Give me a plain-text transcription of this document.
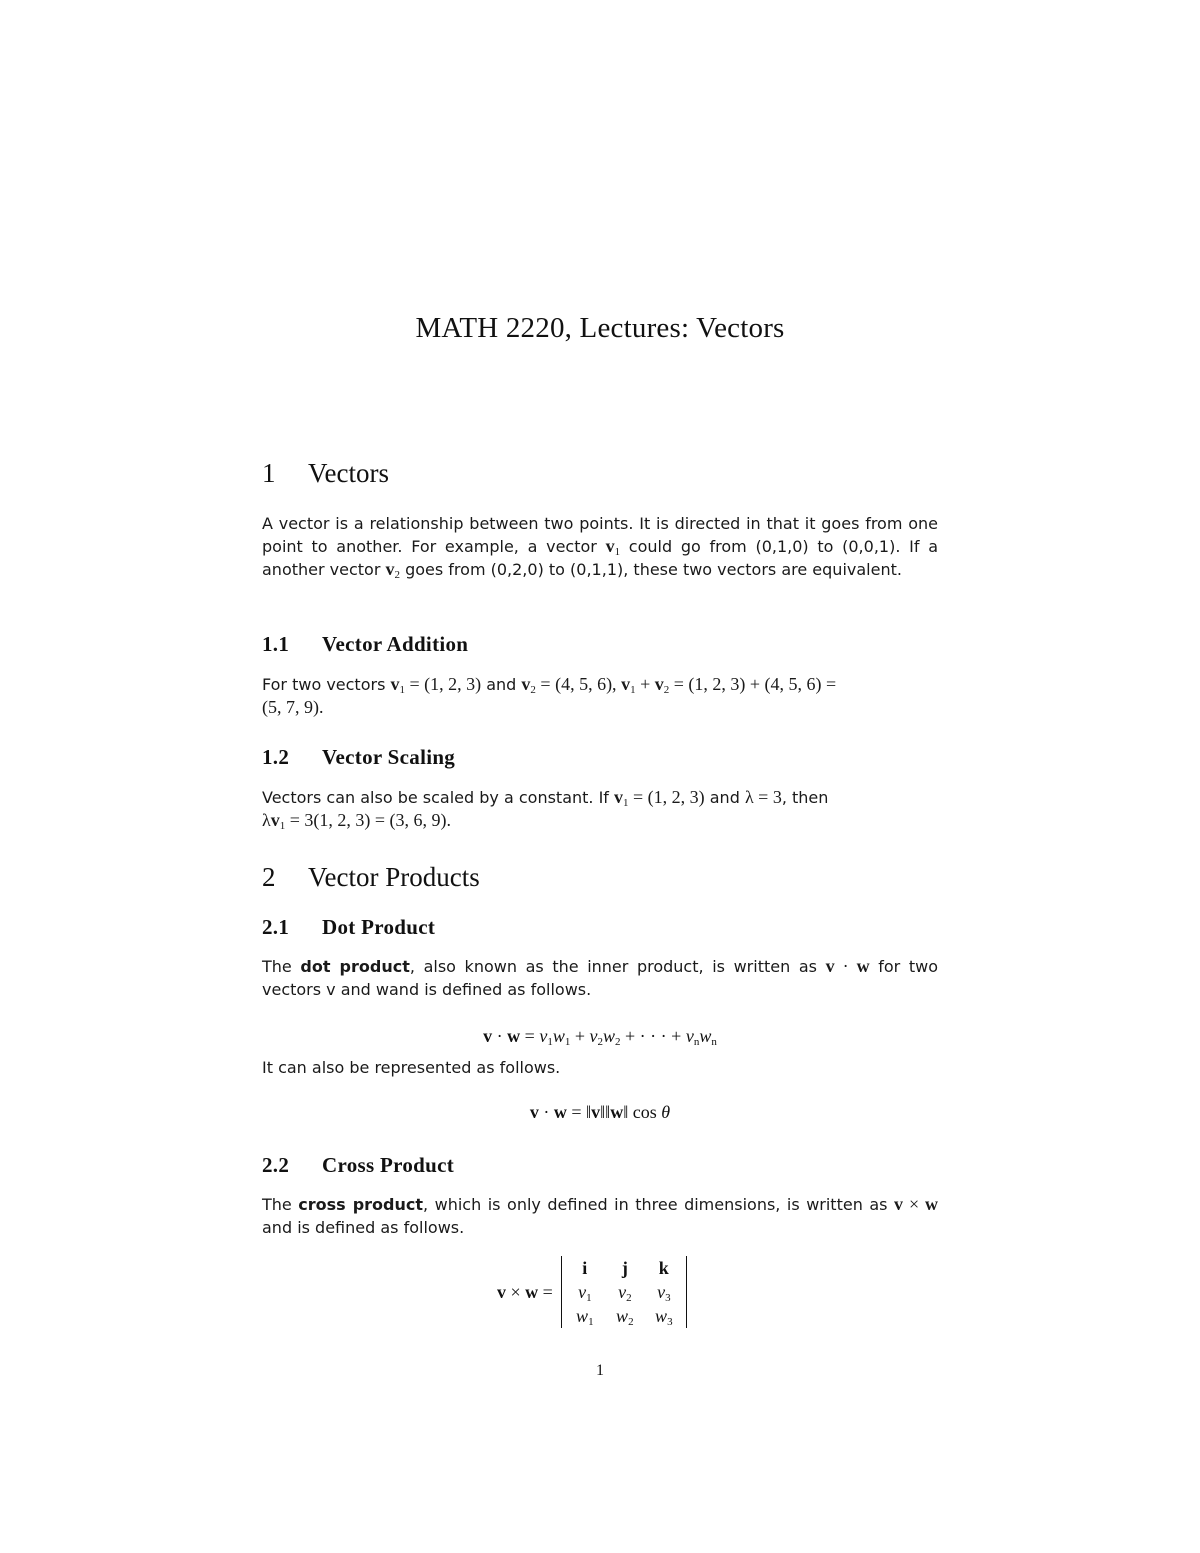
MATH 2220, Lectures: Vectors
1 Vectors
A vector is a relationship between two points. It is directed in that it goes from one point to another. For example, a vector $v_1$ could go from (0,1,0) to (0,0,1). If a another vector $v_2$ goes from (0,2,0) to (0,1,1), these two vectors are equivalent.
1.1 Vector Addition
For two vectors $v_1 = (1$, 2, 3) and $v_2 = (4$, 5, 6), $v_1 + v_2 = (1$, 2, 3) + (4, 5, 6) =
(5, 7, 9).
1.2 Vector Scaling
Vectors can also be scaled by a constant. If $v_1 = (1$, 2, 3) and λ = 3, then
$\lambda v_1 = 3(1$, 2, 3) = (3, 6, 9).
2 Vector Products
2.1 Dot Product
The dot product, also known as the inner product, is written as v · w for two vectors v and wand is defined as follows.
$v \cdot w = v_1w_1 + v_2w_2$ + · · · + $v_nw_n$
It can also be represented as follows.
v · w = ‖v‖‖w‖ cos θ
2.2 Cross Product
The cross product, which is only defined in three dimensions, is written as v × w and is defined as follows.
v × w =
i j k
$v_1$ $v_2$ $v_3$
$w_1$ $w_2$ $w_3$
1
